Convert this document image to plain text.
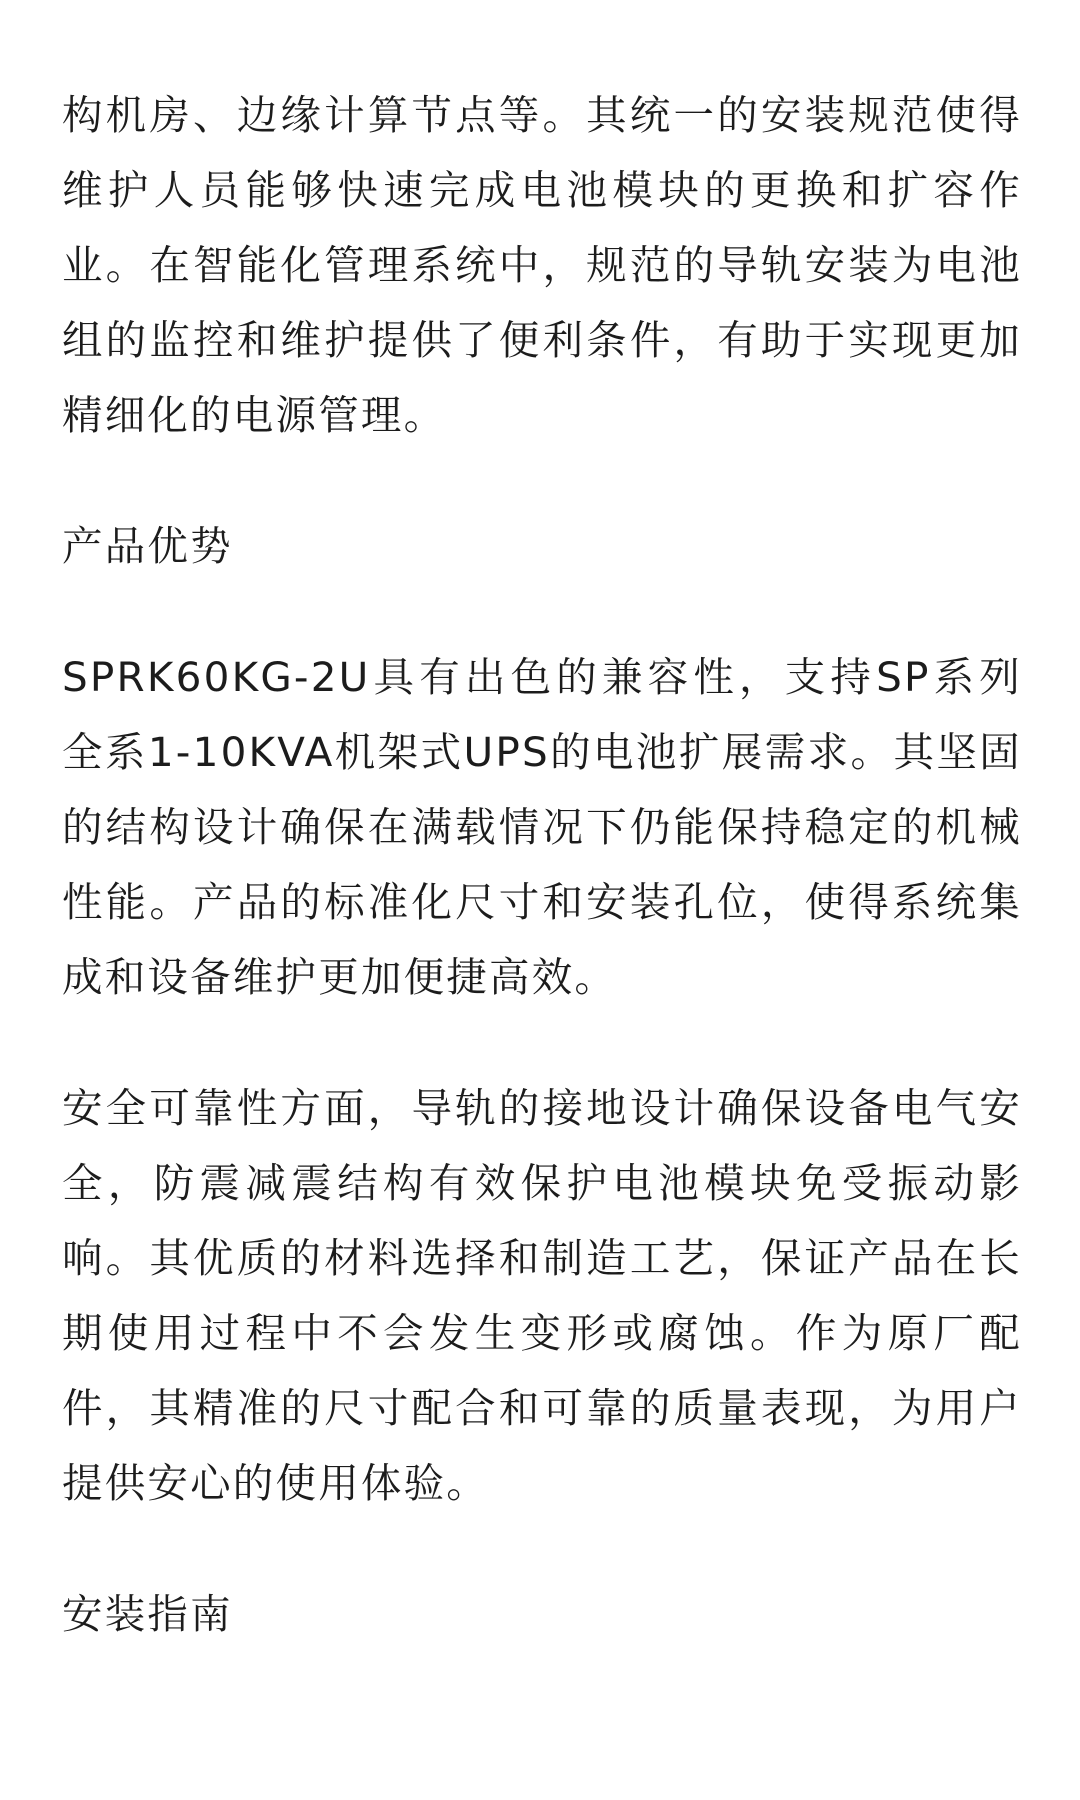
构机房、边缘计算节点等。其统一的安装规范使得维护人员能够快速完成电池模块的更换和扩容作业。在智能化管理系统中，规范的导轨安装为电池组的监控和维护提供了便利条件，有助于实现更加精细化的电源管理。

产品优势

SPRK60KG-2U具有出色的兼容性，支持SP系列全系1-10KVA机架式UPS的电池扩展需求。其坚固的结构设计确保在满载情况下仍能保持稳定的机械性能。产品的标准化尺寸和安装孔位，使得系统集成和设备维护更加便捷高效。

安全可靠性方面，导轨的接地设计确保设备电气安全，防震减震结构有效保护电池模块免受振动影响。其优质的材料选择和制造工艺，保证产品在长期使用过程中不会发生变形或腐蚀。作为原厂配件，其精准的尺寸配合和可靠的质量表现，为用户提供安心的使用体验。

安装指南
